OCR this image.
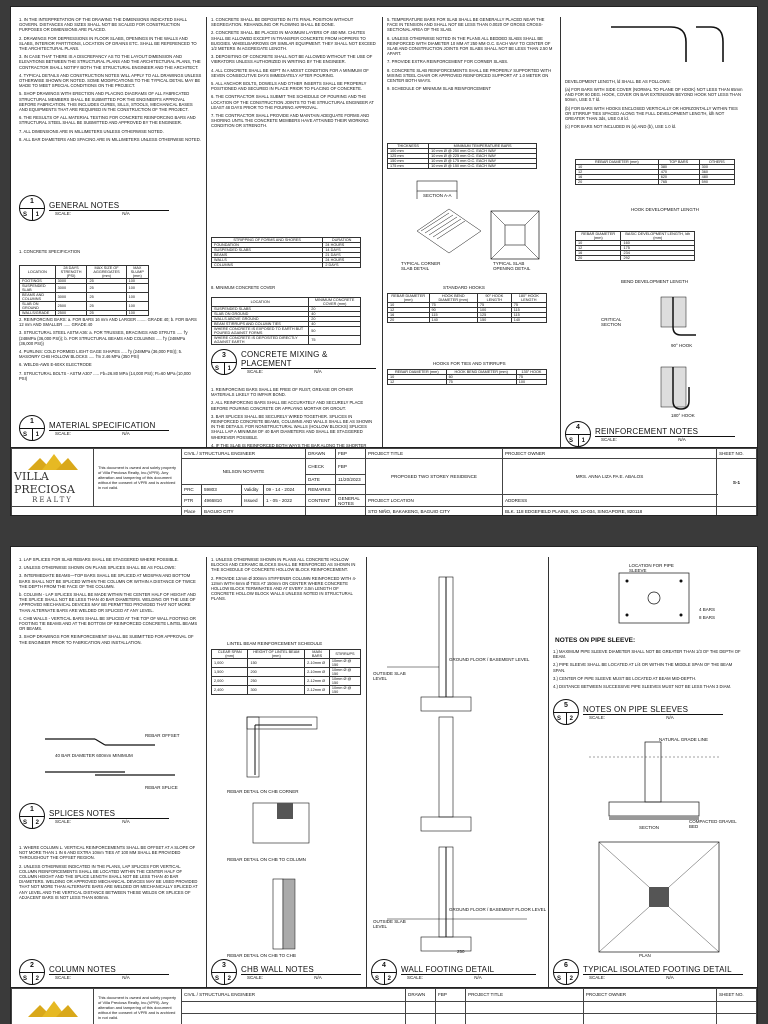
1. IN THE INTERPRETATION OF THE DRAWING THE DIMENSIONS INDICATED SHALL GOVERN. DISTANCES AND SIZES SHALL NOT BE SCALED FOR CONSTRUCTION PURPOSES OR DIMENSIONS ARE PLACED.
2. DRAWINGS FOR DEPRESSIONS IN FLOOR SLABS, OPENINGS IN THE WALLS AND SLABS, INTERIOR PARTITIONS, LOCATION OF DRAINS ETC. SHALL BE REFERENCED TO THE ARCHITECTURAL PLANS.
3. IN CASE THAT THERE IS A DISCREPANCY AS TO THE LAYOUT DIMENSION AND ELEVATIONS BETWEEN THE STRUCTURAL PLANS AND THE ARCHITECTURAL PLANS, THE CONTRACTOR SHALL NOTIFY BOTH THE STRUCTURAL ENGINEER AND THE ARCHITECT.
4. TYPICAL DETAILS AND CONSTRUCTION NOTES WILL APPLY TO ALL DRAWINGS UNLESS OTHERWISE SHOWN OR NOTED. SOME MODIFICATIONS TO THE TYPICAL DETAIL MAY BE MADE TO MEET SPECIAL CONDITIONS ON THE PROJECT.
5. SHOP DRAWINGS WITH ERECTION AND PLACING DIAGRAMS OF ALL FABRICATED STRUCTURAL MEMBERS SHALL BE SUBMITTED FOR THE ENGINEER'S APPROVAL BEFORE FABRICATION. THIS INCLUDES CURBS, SILLS, STOOLS, MECHANICAL BASES AND EQUIPMENTS THAT ARE REQUIRED IN THE CONSTRUCTION OF THE PROJECT.
6. THE RESULTS OF ALL MATERIAL TESTING FOR CONCRETE REINFORCING BARS AND STRUCTURAL STEEL SHALL BE SUBMITTED AND APPROVED BY THE ENGINEER.
7. ALL DIMENSIONS ARE IN MILLIMETERS UNLESS OTHERWISE NOTED.
8. ALL BAR DIAMETERS AND SPACING ARE IN MILLIMETERS UNLESS OTHERWISE NOTED.
1
S 1
GENERAL NOTES
SCALE:	N/A
1. CONCRETE SPECIFICATION
LOCATION	28 DAYS STRENGTH (PSI)	MAX SIZE OF AGGREGATES (mm)	MAX SLUMP (mm)
FOOTINGS	3000	25	100
SUSPENDED SLAB	3000	25	100
BEAMS AND COLUMNS	3000	25	100
SLAB ON GROUND	2500	25	100
WALLS/GRADE	2500	25	100
2. REINFORCING BARS: a. FOR BARS 16 mm AND LARGER ........ GRADE 40; b. FOR BARS 12 mm AND SMALLER ...... GRADE 40
3. STRUCTURAL STEEL ASTM A36: a. FOR TRUSSES, BRACINGS AND STRUTS ..... f'y (248MPa (36,000 PSI)); b. FOR STRUCTURAL BEAMS AND COLUMNS ..... f'y (248MPa (36,000 PSI))
4. PURLINS: COLD FORMED LIGHT GAGE SHAPES ..... f'y (248MPa (36,000 PSI)); 5. MASONRY CHB HOLLOW BLOCKS ..... f'm 2.46 MPa (350 PSI)
6. WELDS-AWS E-60XX ELECTRODE
7. STRUCTURAL BOLTS - ASTM A307 ..... Fb=26.80 MPa (14,000 PSI); Ft=60 MPa (10,000 PSI)
1
S 1
MATERIAL SPECIFICATION
SCALE:	N/A
1. CONCRETE SHALL BE DEPOSITED IN ITS FINAL POSITION WITHOUT SEGREGATION. REHANDLING OR FLOWING SHALL BE DONE.
2. CONCRETE SHALL BE PLACED IN MAXIMUM LAYERS OF 450 MM. CHUTES SHALL BE ALLOWED EXCEPT IN TRANSFER CONCRETE FROM HOPPERS TO BUGGIES. WHEELBARROWS OR SIMILAR EQUIPMENT. THEY SHALL NOT EXCEED 1/2 METERS IN AGGREGATE LENGTH.
3. DEPOSITING OF CONCRETE SHALL NOT BE ALLOWED WITHOUT THE USE OF VIBRATORS UNLESS AUTHORIZED IN WRITING BY THE ENGINEER.
4. ALL CONCRETE SHALL BE KEPT IN A MOIST CONDITION FOR A MINIMUM OF SEVEN CONSECUTIVE DAYS IMMEDIATELY AFTER POURING.
5. ALL ANCHOR BOLTS, DOWELS AND OTHER INSERTS SHALL BE PROPERLY POSITIONED AND SECURED IN PLACE PRIOR TO PLACING OF CONCRETE.
6. THE CONTRACTOR SHALL SUBMIT THE SCHEDULE OF POURING AND THE LOCATION OF THE CONSTRUCTION JOINTS TO THE STRUCTURAL ENGINEER AT LEAST 48 DAYS PRIOR TO THE POURING APPROVAL.
7. THE CONTRACTOR SHALL PROVIDE AND MAINTAIN ADEQUATE FORMS AND SHORING UNTIL THE CONCRETE MEMBERS HAVE ATTAINED THEIR WORKING CONDITION OR STRENGTH.
STRIPPING OF FORMS AND SHORES	DURATION
FOUNDATION	24 HOURS
SUSPENDED SLABS	14 DAYS
BEAMS	21 DAYS
WALLS	24 HOURS
COLUMNS	2 DAYS
8. MINIMUM CONCRETE COVER
LOCATION	MINIMUM CONCRETE COVER (mm)
SUSPENDED SLABS	20
SLAB ON GROUND	40
WALLS ABOVE GROUND	20
BEAM STIRRUPS AND COLUMN TIES	40
WHERE CONCRETE IS EXPOSED TO EARTH BUT POURED AGAINST FORMS	50
WHERE CONCRETE IS DEPOSITED DIRECTLY AGAINST EARTH	75
3
S 1
CONCRETE MIXING & PLACEMENT
SCALE:	N/A
1. REINFORCING BARS SHALL BE FREE OF RUST, GREASE OR OTHER MATERIALS LIKELY TO IMPAIR BOND.
2. ALL REINFORCING BARS SHALL BE ACCURATELY AND SECURELY PLACE BEFORE POURING CONCRETE OR APPLYING MORTAR OR GROUT.
3. BAR SPLICES SHALL BE SECURELY WIRED TOGETHER. SPLICES IN REINFORCED CONCRETE BEAMS, COLUMNS AND WALLS SHALL BE AS SHOWN IN THE DETAILS. FOR NONSTRUCTURAL WALLS (HOLLOW BLOCKS) SPLICES SHALL LAP A MINIMUM OF 40 BAR DIAMETERS AND SHALL BE STAGGERED WHEREVER POSSIBLE.
4. IF THE SLAB IS REINFORCED BOTH WAYS THE BAR ALONG THE SHORTER
5. TEMPERATURE BARS FOR SLAB SHALL BE GENERALLY PLACED NEAR THE FACE IN TENSION AND SHALL NOT BE LESS THAN 0.0020 OF GROSS CROSS-SECTIONAL AREA OF THE SLAB.
6. UNLESS OTHERWISE NOTED IN THE PLANS ALL BEDDED SLABS SHALL BE REINFORCED WITH DIAMETER 10 MM AT 250 MM O.C. EACH WAY TO CENTER OF SLAB AND CONSTRUCTION JOINTS FOR SLABS SHALL NOT BE LESS THAN 2.50 M APART.
7. PROVIDE EXTRA REINFORCEMENT FOR CORNER SLABS.
8. CONCRETE SLAB REINFORCEMENTS SHALL BE PROPERLY SUPPORTED WITH MIXING STEEL CHAIR OR APPROVED REINFORCED SUPPORT AT 1.0 METER ON CENTER BOTH WAYS.
9. SCHEDULE OF MINIMUM SLAB REINFORCEMENT
THICKNESS	MINIMUM TEMPERATURE BARS
100 mm	10 mm Ø @ 250 mm O.C. EACH WAY
125 mm	10 mm Ø @ 225 mm O.C. EACH WAY
150 mm	10 mm Ø @ 175 mm O.C. EACH WAY
175 mm	10 mm Ø @ 150 mm O.C. EACH WAY
SECTION A-A
TYPICAL CORNER SLAB DETAIL
TYPICAL SLAB OPENING DETAIL
STANDARD HOOKS
REBAR DIAMETER (mm)	HOOK BEND DIAMETER (mm)	90° HOOK LENGTH	180° HOOK LENGTH
10	75	75	75
12	90	100	115
16	115	125	115
20	140	150	140
HOOKS FOR TIES AND STIRRUPS
REBAR DIAMETER (mm)	HOOK BEND DIAMETER (mm)	135° HOOK
10	60	75
12	75	100
DEVELOPMENT LENGTH, ld SHALL BE AS FOLLOWS:
(a) FOR BARS WITH SIDE COVER (NORMAL TO PLANE OF HOOK) NOT LESS THAN 65mm AND FOR 90 DEG. HOOK, COVER ON BAR EXTENSION BEYOND HOOK NOT LESS THAN 50mm, USE 0.7 ld.
(b) FOR BARS WITH HOOKS ENCLOSED VERTICALLY OR HORIZONTALLY WITHIN TIES OR STIRRUP TIES SPACED ALONG THE FULL DEVELOPMENT LENGTH, ldh NOT GREATER THAN 3ds, USE 0.8 ld.
(c) FOR BARS NOT INCLUDED IN (a) AND (b), USE 1.0 ld.
REBAR DIAMETER (mm)	TOP BARS	OTHERS
10	380	300
12	470	360
16	620	480
20	765	590
HOOK DEVELOPMENT LENGTH
REBAR DIAMETER (mm)	BASIC DEVELOPMENT LENGTH, ldh (mm)
10	160
12	175
16	234
20	292
BEND DEVELOPMENT LENGTH
90° HOOK
CRITICAL SECTION
180° HOOK
4
S 1
REINFORCEMENT NOTES
SCALE:	N/A
VILLA PRECIOSA
REALTY	This document is owned and solely property of Villa Preciosa Realty, Inc.(VPRI). Any alteration and tampering of this document without the consent of VPRI and is archived in not valid.	CIVIL / STRUCTURAL ENGINEER				DRAWN	FBP	PROJECT TITLE	PROJECT OWNER	SHEET NO.
		NELSON NOTARTE				CHECK	FBP	PROPOSED TWO STOREY RESIDENCE	MRS. ANNA LIZA PA E. ABALOS	S-1
						DATE	11/20/2023			
		PRC	59803	Validity	09 - 14 - 2024	REMARKS				
		PTR	4966810	Issued	1 - 05 - 2022	CONTENT	GENERAL NOTES	PROJECT LOCATION	ADDRESS	
		Place	BAGUIO CITY					STO NIÑO, BAKAKENG, BAGUIO CITY	BLK. 118 EDGEFIELD PLAINS, NO. 10-034, SINGAPORE, 820118	
1. LAP SPLICES FOR SLAB REBARS SHALL BE STAGGERED WHERE POSSIBLE.
2. UNLESS OTHERWISE SHOWN ON PLANS SPLICES SHALL BE AS FOLLOWS:
3. INTERMEDIATE BEAMS—TOP BARS SHALL BE SPLICED AT MIDSPAN AND BOTTOM BARS SHALL NOT BE SPLICED WITHIN THE COLUMN OR WITHIN A DISTANCE OF TWICE THE DEPTH FROM THE FACE OF THE COLUMN.
b. COLUMN - LAP SPLICES SHALL BE MADE WITHIN THE CENTER HALF OF HEIGHT AND THE SPLICE SHALL NOT BE LESS THAN 40 BAR DIAMETERS. WELDING OR THE USE OF APPROVED MECHANICAL DEVICES MAY BE PERMITTED PROVIDED THAT NOT MORE THAN ALTERNATE BARS ARE WELDED OR SPLICED AT ANY LEVEL.
c. CHB WALLS - VERTICAL BARS SHALL BE SPLICED AT THE TOP OF WALL FOOTING OR FOOTING TIE BEAMS AND AT THE BOTTOM OF REINFORCED CONCRETE LINTEL BEAMS OR BEAMS.
3. SHOP DRAWINGS FOR REINFORCEMENT SHALL BE SUBMITTED FOR APPROVAL OF THE ENGINEER PRIOR TO FABRICATION AND INSTALLATION.
REBAR OFFSET
40 BAR DIAMETER 600mm MINIMUM
REBAR SPLICE
1
S 2
SPLICES NOTES
SCALE:	N/A
1. WHERE COLUMN L. VERTICAL REINFORCEMENTS SHALL BE OFFSET AT A SLOPE OF NOT MORE THAN 1 IN 6 AND EXTRA 10mm TIES AT 100 MM SHALL BE PROVIDED THROUGHOUT THE OFFSET REGION.
2. UNLESS OTHERWISE INDICATED IN THE PLANS, LAP SPLICES FOR VERTICAL COLUMN REINFORCEMENTS SHALL BE LOCATED WITHIN THE CENTER HALF OF COLUMN HEIGHT AND THE SPLICE LENGTH SHALL NOT BE LESS THAN 40 BAR DIAMETERS. WELDING OR APPROVED MECHANICAL DEVICES MAY BE USED PROVIDED THAT NOT MORE THAN ALTERNATE BARS ARE WELDED OR MECHANICALLY SPLICED AT ANY LEVEL AND THE VERTICAL DISTANCE BETWEEN THESE WELDS OR SPLICES OF ADJACENT BARS IS NOT LESS THAN 600mm.
2
S 2
COLUMN NOTES
SCALE:	N/A
1. UNLESS OTHERWISE SHOWN IN PLANS ALL CONCRETE HOLLOW BLOCKS AND CERAMIC BLOCKS SHALL BE REINFORCED AS SHOWN IN THE SCHEDULE OF CONCRETE HOLLOW BLOCK REINFORCEMENT.
2. PROVIDE 12mm Ø 300mm STIFFENER COLUMN REINFORCED WITH 4-12mm WITH 6mm Ø TIES AT 150mm ON CENTER WHERE CONCRETE HOLLOW BLOCK TERMINATES AND AT EVERY 3.0m LENGTH OF CONCRETE HOLLOW BLOCK WALLS UNLESS NOTED IN STRUCTURAL PLANS.
LINTEL BEAM REINFORCEMENT SCHEDULE
CLEAR SPAN (mm)	HEIGHT OF LINTEL BEAM (mm)	MAIN BARS	STIRRUPS
1,000	150	2-10mm Ø	10mm Ø @ 150
1,500	200	2-10mm Ø	10mm Ø @ 150
2,000	250	2-12mm Ø	10mm Ø @ 150
2,400	300	2-12mm Ø	10mm Ø @ 150
REBAR DETAIL ON CHB CORNER
REBAR DETAIL ON CHB TO COLUMN
REBAR DETAIL ON CHB TO CHB
3
S 2
CHB WALL NOTES
SCALE:	N/A
GROUND FLOOR / BASEMENT LEVEL
OUTSIDE SLAB LEVEL
GROUND FLOOR / BASEMENT FLOOR LEVEL
OUTSIDE SLAB LEVEL
250
4
S 2
WALL FOOTING DETAIL
SCALE:	N/A
LOCATION FOR PIPE SLEEVE
4 BARS
8 BARS
NOTES ON PIPE SLEEVE:
1.) MAXIMUM PIPE SLEEVE DIAMETER SHALL NOT BE GREATER THAN 1/3 OF THE DEPTH OF BEAM.
2.) PIPE SLEEVE SHALL BE LOCATED AT L/4 OR WITHIN THE MIDDLE SPAN OF THE BEAM SPAN.
3.) CENTER OF PIPE SLEEVE MUST BE LOCATED AT BEAM MID-DEPTH.
4.) DISTANCE BETWEEN SUCCESSIVE PIPE SLEEVES MUST NOT BE LESS THAN 3 DIAM.
5
S 2
NOTES ON PIPE SLEEVES
SCALE:	N/A
NATURAL GRADE LINE
SECTION
COMPACTED GRAVEL BED
PLAN
6
S 2
TYPICAL ISOLATED FOOTING DETAIL
SCALE:	N/A

This document is owned and solely property of Villa Preciosa Realty, Inc.(VPRI). Any alteration and tampering of this document without the consent of VPRI and is archived in not valid.	CIVIL / STRUCTURAL ENGINEER	DRAWN	FBP	PROJECT TITLE	PROJECT OWNER	SHEET NO.
